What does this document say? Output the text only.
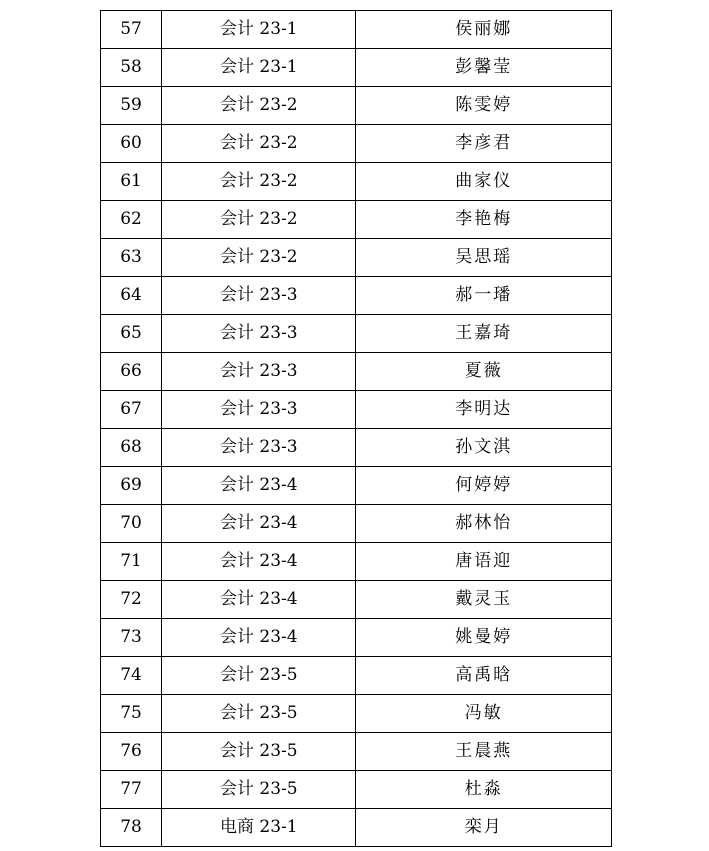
57	会计 23-1	侯丽娜
58	会计 23-1	彭馨莹
59	会计 23-2	陈雯婷
60	会计 23-2	李彦君
61	会计 23-2	曲家仪
62	会计 23-2	李艳梅
63	会计 23-2	吴思瑶
64	会计 23-3	郝一璠
65	会计 23-3	王嘉琦
66	会计 23-3	夏薇
67	会计 23-3	李明达
68	会计 23-3	孙文淇
69	会计 23-4	何婷婷
70	会计 23-4	郝林怡
71	会计 23-4	唐语迎
72	会计 23-4	戴灵玉
73	会计 23-4	姚曼婷
74	会计 23-5	高禹晗
75	会计 23-5	冯敏
76	会计 23-5	王晨燕
77	会计 23-5	杜淼
78	电商 23-1	栾月
